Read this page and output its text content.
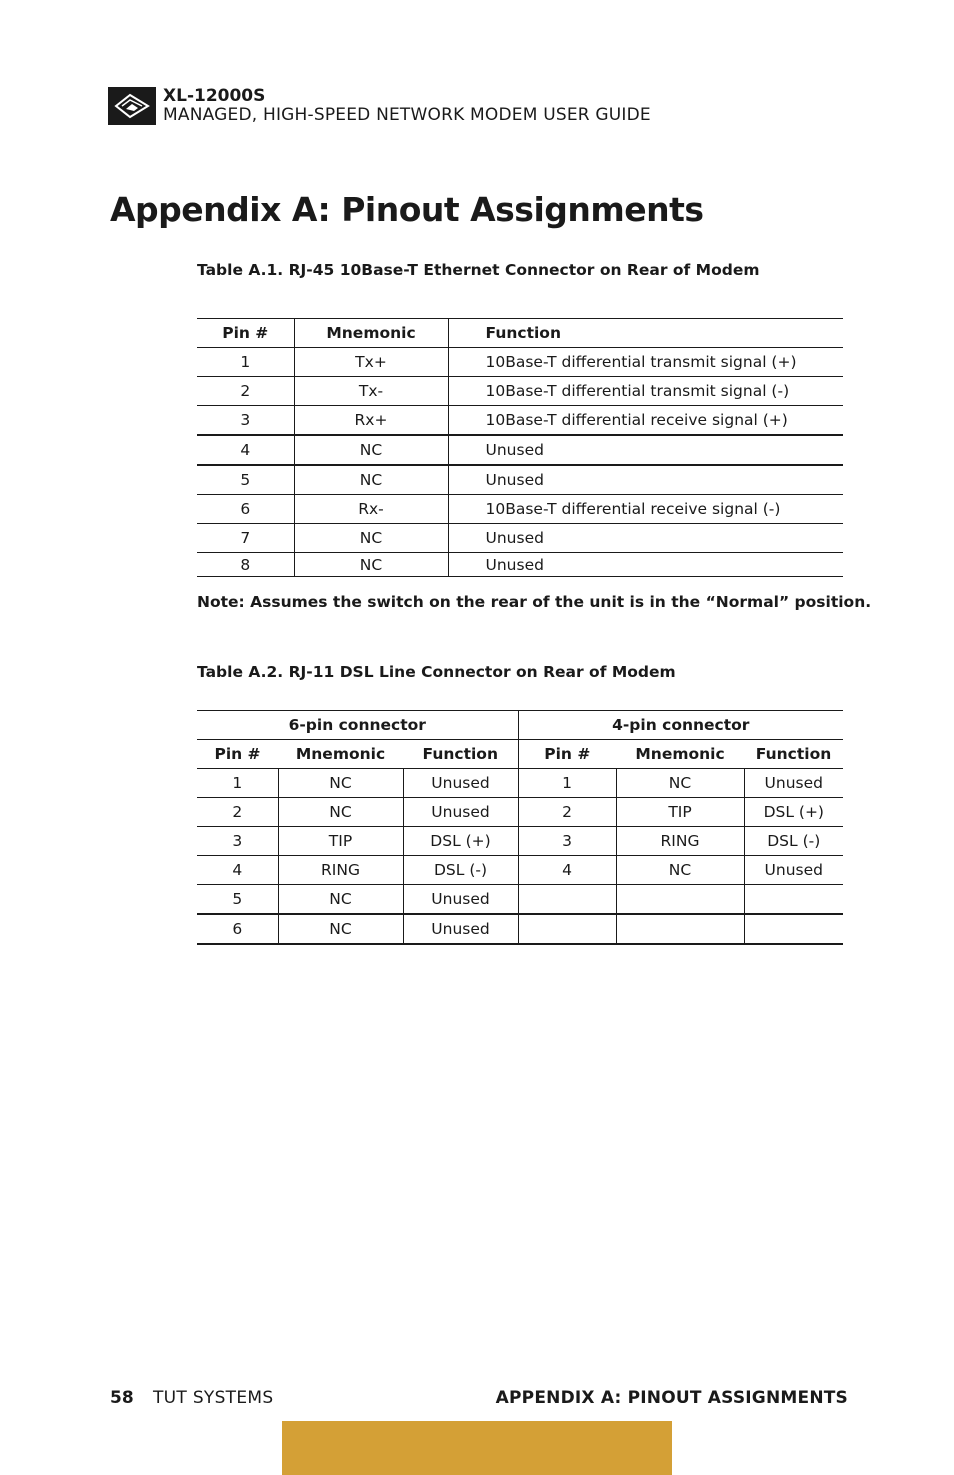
XL-12000S
MANAGED, HIGH-SPEED NETWORK MODEM USER GUIDE
Appendix A: Pinout Assignments

Table A.1. RJ-45 10Base-T Ethernet Connector on Rear of Modem

Pin #	Mnemonic	Function
1	Tx+	10Base-T differential transmit signal (+)
2	Tx-	10Base-T differential transmit signal (-)
3	Rx+	10Base-T differential receive signal (+)
4	NC	Unused
5	NC	Unused
6	Rx-	10Base-T differential receive signal (-)
7	NC	Unused
8	NC	Unused

Note: Assumes the switch on the rear of the unit is in the “Normal” position.

Table A.2. RJ-11 DSL Line Connector on Rear of Modem

6-pin connector			4-pin connector		
Pin #	Mnemonic	Function	Pin #	Mnemonic	Function
1	NC	Unused	1	NC	Unused
2	NC	Unused	2	TIP	DSL (+)
3	TIP	DSL (+)	3	RING	DSL (-)
4	RING	DSL (-)	4	NC	Unused
5	NC	Unused			
6	NC	Unused			
58 TUT SYSTEMS	APPENDIX A: PINOUT ASSIGNMENTS
